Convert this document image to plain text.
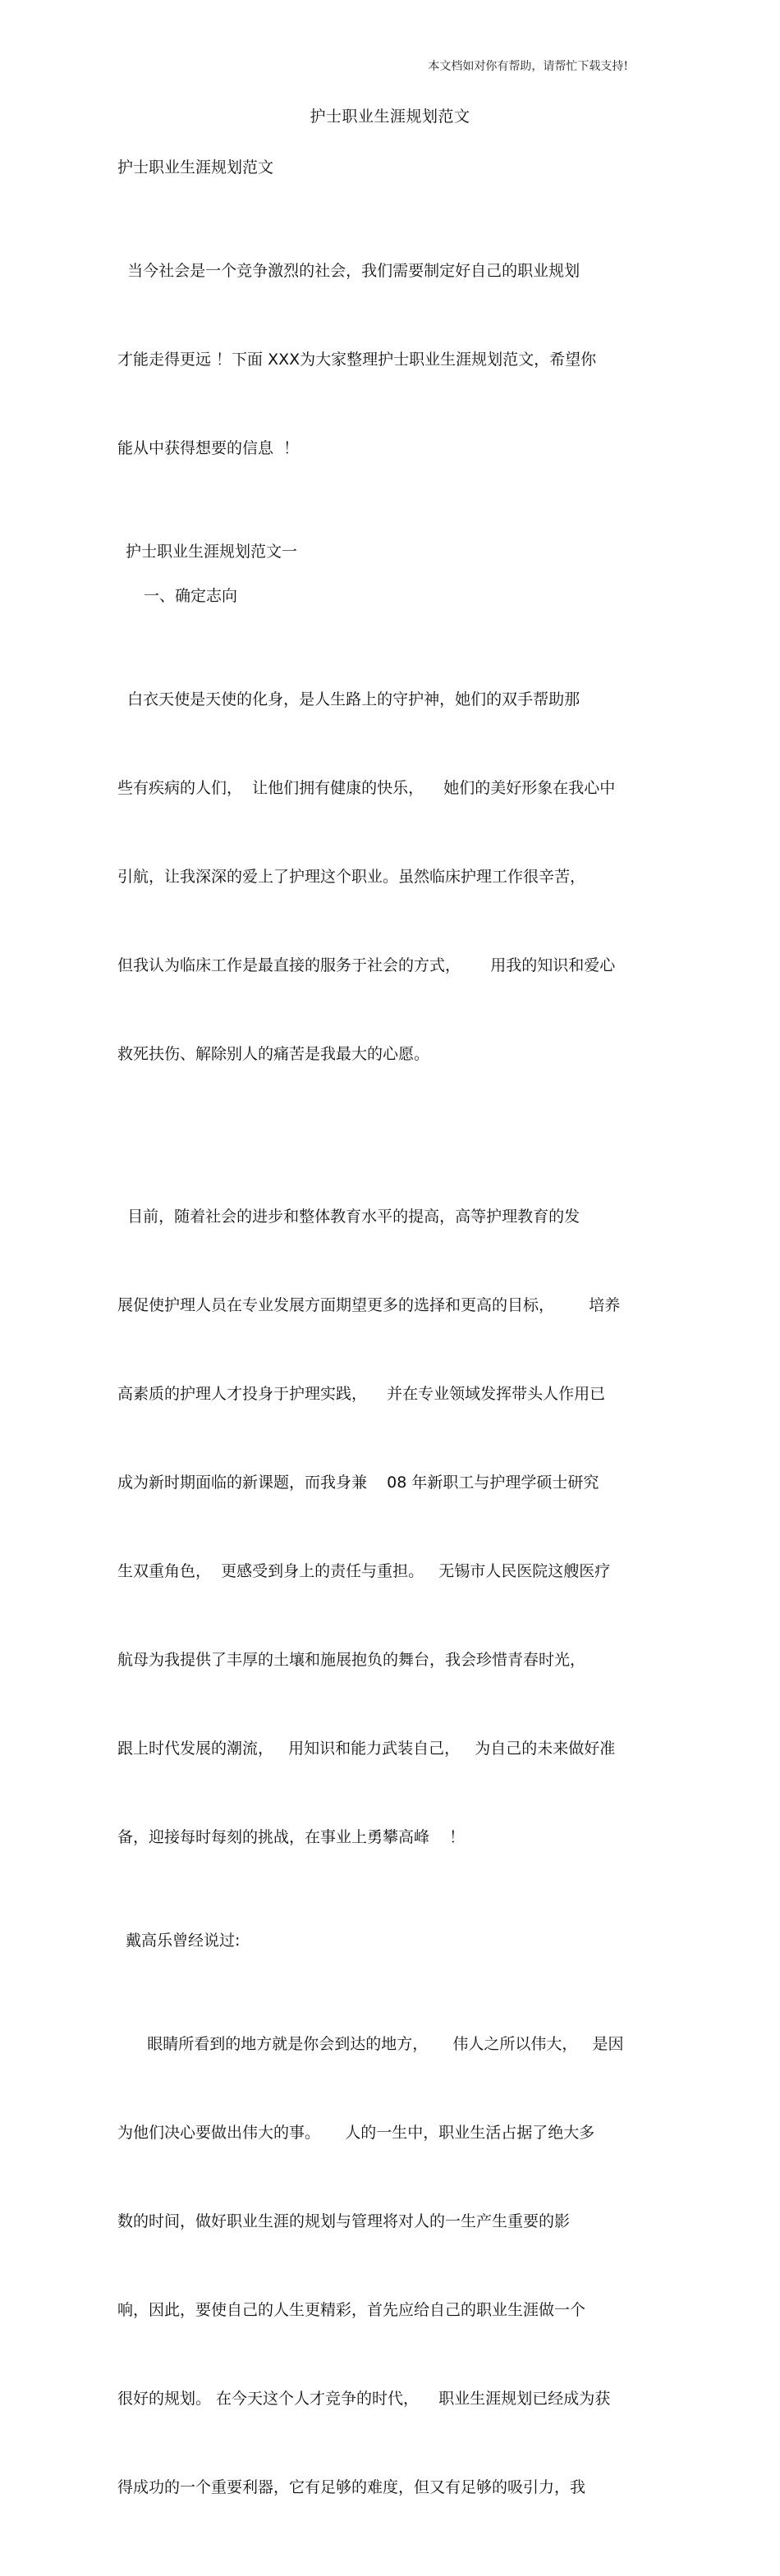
本文档如对你有帮助，请帮忙下载支持!
护士职业生涯规划范文

护士职业生涯规划范文

当今社会是一个竞争激烈的社会，我们需要制定好自己的职业规划

才能走得更远 ！下面 XXX为大家整理护士职业生涯规划范文，希望你

能从中获得想要的信息  ！

护士职业生涯规划范文一

一、确定志向

白衣天使是天使的化身，是人生路上的守护神，她们的双手帮助那

些有疾病的人们，  让他们拥有健康的快乐，    她们的美好形象在我心中

引航，让我深深的爱上了护理这个职业。虽然临床护理工作很辛苦，

但我认为临床工作是最直接的服务于社会的方式，      用我的知识和爱心

救死扶伤、解除别人的痛苦是我最大的心愿。

目前，随着社会的进步和整体教育水平的提高，高等护理教育的发

展促使护理人员在专业发展方面期望更多的选择和更高的目标，       培养

高素质的护理人才投身于护理实践，    并在专业领域发挥带头人作用已

成为新时期面临的新课题，而我身兼    08 年新职工与护理学硕士研究

生双重角色，  更感受到身上的责任与重担。   无锡市人民医院这艘医疗

航母为我提供了丰厚的土壤和施展抱负的舞台，我会珍惜青春时光，

跟上时代发展的潮流，   用知识和能力武装自己，   为自己的未来做好准

备，迎接每时每刻的挑战，在事业上勇攀高峰    ！

戴高乐曾经说过:

眼睛所看到的地方就是你会到达的地方，     伟人之所以伟大，   是因

为他们决心要做出伟大的事。     人的一生中，职业生活占据了绝大多

数的时间，做好职业生涯的规划与管理将对人的一生产生重要的影

响，因此，要使自己的人生更精彩，首先应给自己的职业生涯做一个

很好的规划。 在今天这个人才竞争的时代，    职业生涯规划已经成为获

得成功的一个重要利器，它有足够的难度，但又有足够的吸引力，我
